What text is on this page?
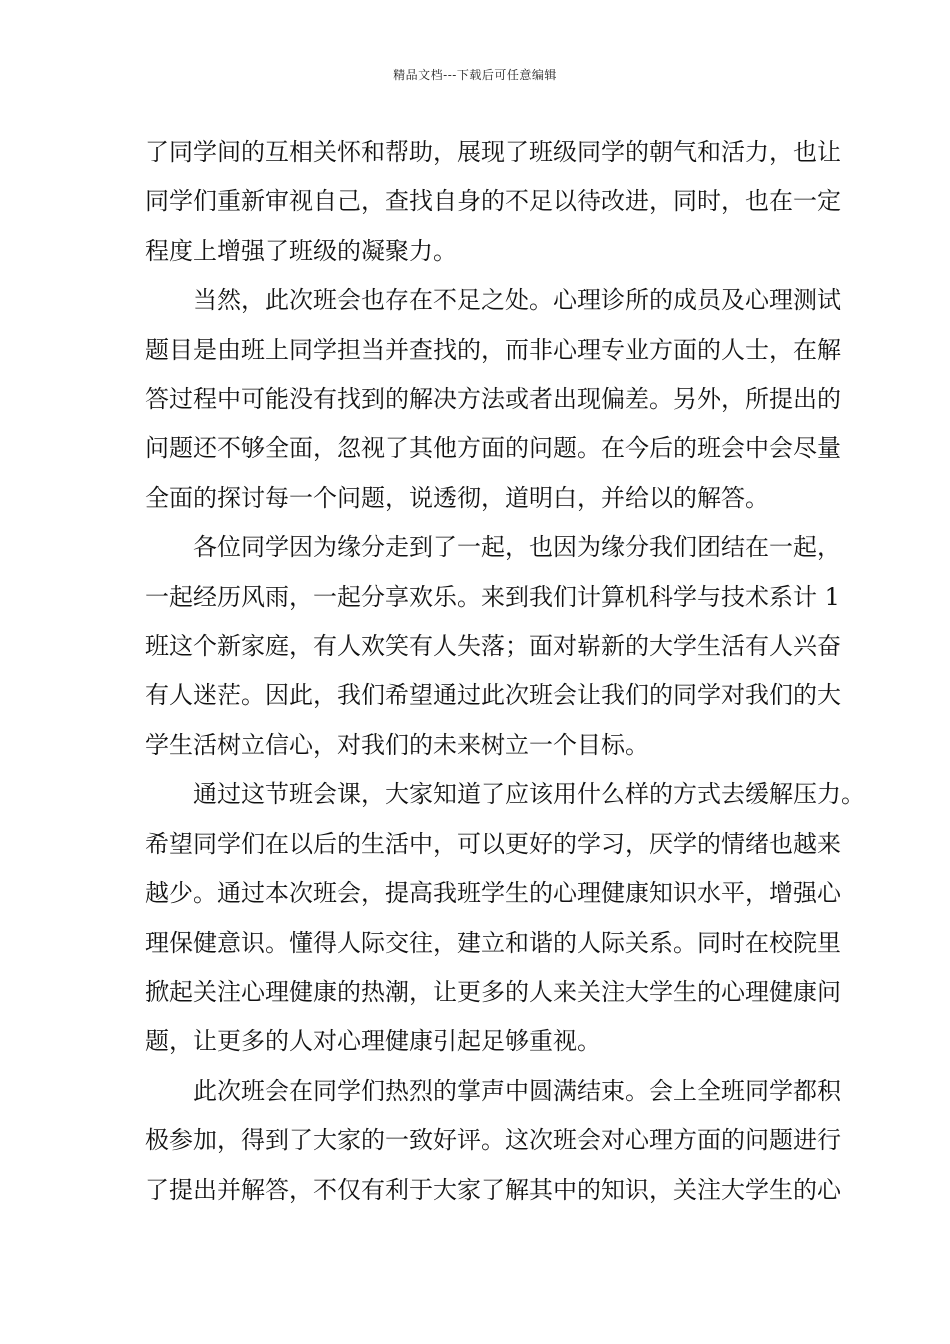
精品文档---下载后可任意编辑

了同学间的互相关怀和帮助，展现了班级同学的朝气和活力，也让
同学们重新审视自己，查找自身的不足以待改进，同时，也在一定
程度上增强了班级的凝聚力。

当然，此次班会也存在不足之处。心理诊所的成员及心理测试
题目是由班上同学担当并查找的，而非心理专业方面的人士，在解
答过程中可能没有找到的解决方法或者出现偏差。另外，所提出的
问题还不够全面，忽视了其他方面的问题。在今后的班会中会尽量
全面的探讨每一个问题，说透彻，道明白，并给以的解答。

各位同学因为缘分走到了一起，也因为缘分我们团结在一起，
一起经历风雨，一起分享欢乐。来到我们计算机科学与技术系计 1
班这个新家庭，有人欢笑有人失落；面对崭新的大学生活有人兴奋
有人迷茫。因此，我们希望通过此次班会让我们的同学对我们的大
学生活树立信心，对我们的未来树立一个目标。

通过这节班会课，大家知道了应该用什么样的方式去缓解压力。
希望同学们在以后的生活中，可以更好的学习，厌学的情绪也越来
越少。通过本次班会，提高我班学生的心理健康知识水平，增强心
理保健意识。懂得人际交往，建立和谐的人际关系。同时在校院里
掀起关注心理健康的热潮，让更多的人来关注大学生的心理健康问
题，让更多的人对心理健康引起足够重视。

此次班会在同学们热烈的掌声中圆满结束。会上全班同学都积
极参加，得到了大家的一致好评。这次班会对心理方面的问题进行
了提出并解答，不仅有利于大家了解其中的知识，关注大学生的心
